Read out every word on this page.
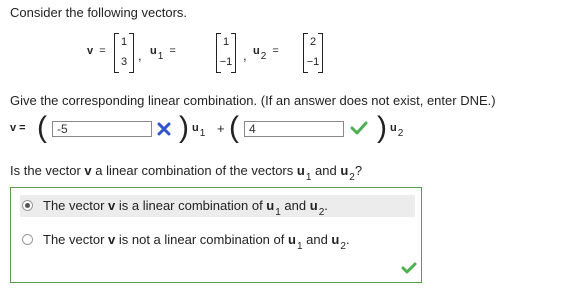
Consider the following vectors.
v =
1
3 , u1 =
1
−1 , u2 =
2
−1
Give the corresponding linear combination. (If an answer does not exist, enter DNE.)
v = (
-5	) u1 + (
4	) u2
Is the vector v a linear combination of the vectors $u_1$ and $u_2$?
The vector v is a linear combination of $u_1$ and $u_2$.
The vector v is not a linear combination of $u_1$ and $u_2$.
